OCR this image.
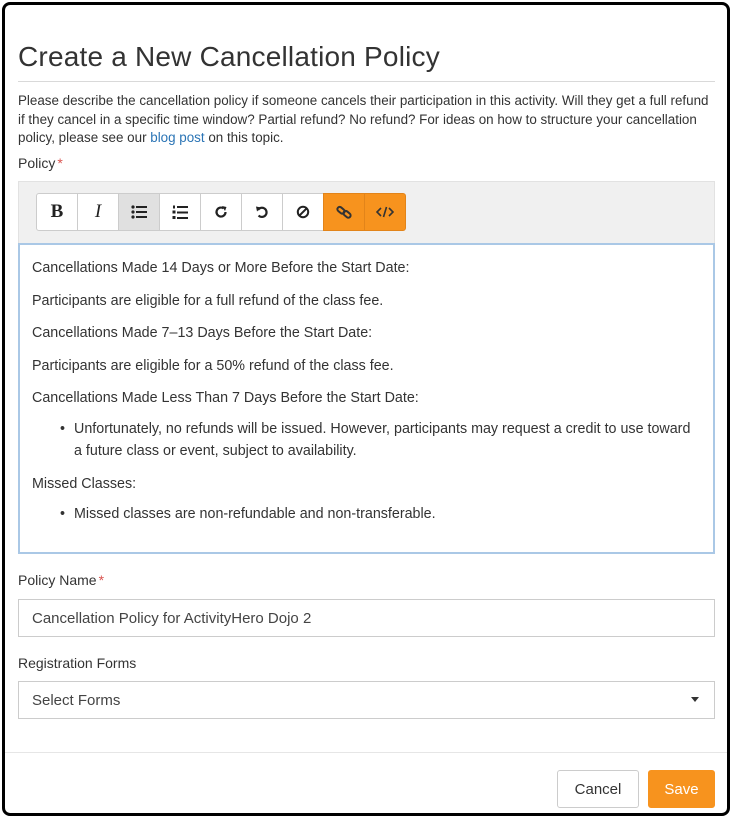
Create a New Cancellation Policy
Please describe the cancellation policy if someone cancels their participation in this activity. Will they get a full refund if they cancel in a specific time window? Partial refund? No refund? For ideas on how to structure your cancellation policy, please see our blog post on this topic.
Policy *
B I

Cancellations Made 14 Days or More Before the Start Date:

Participants are eligible for a full refund of the class fee.

Cancellations Made 7–13 Days Before the Start Date:

Participants are eligible for a 50% refund of the class fee.

Cancellations Made Less Than 7 Days Before the Start Date:

• Unfortunately, no refunds will be issued. However, participants may request a credit to use toward a future class or event, subject to availability.

Missed Classes:

• Missed classes are non-refundable and non-transferable.
Policy Name *
Cancellation Policy for ActivityHero Dojo 2
Registration Forms
Select Forms
Cancel	Save
